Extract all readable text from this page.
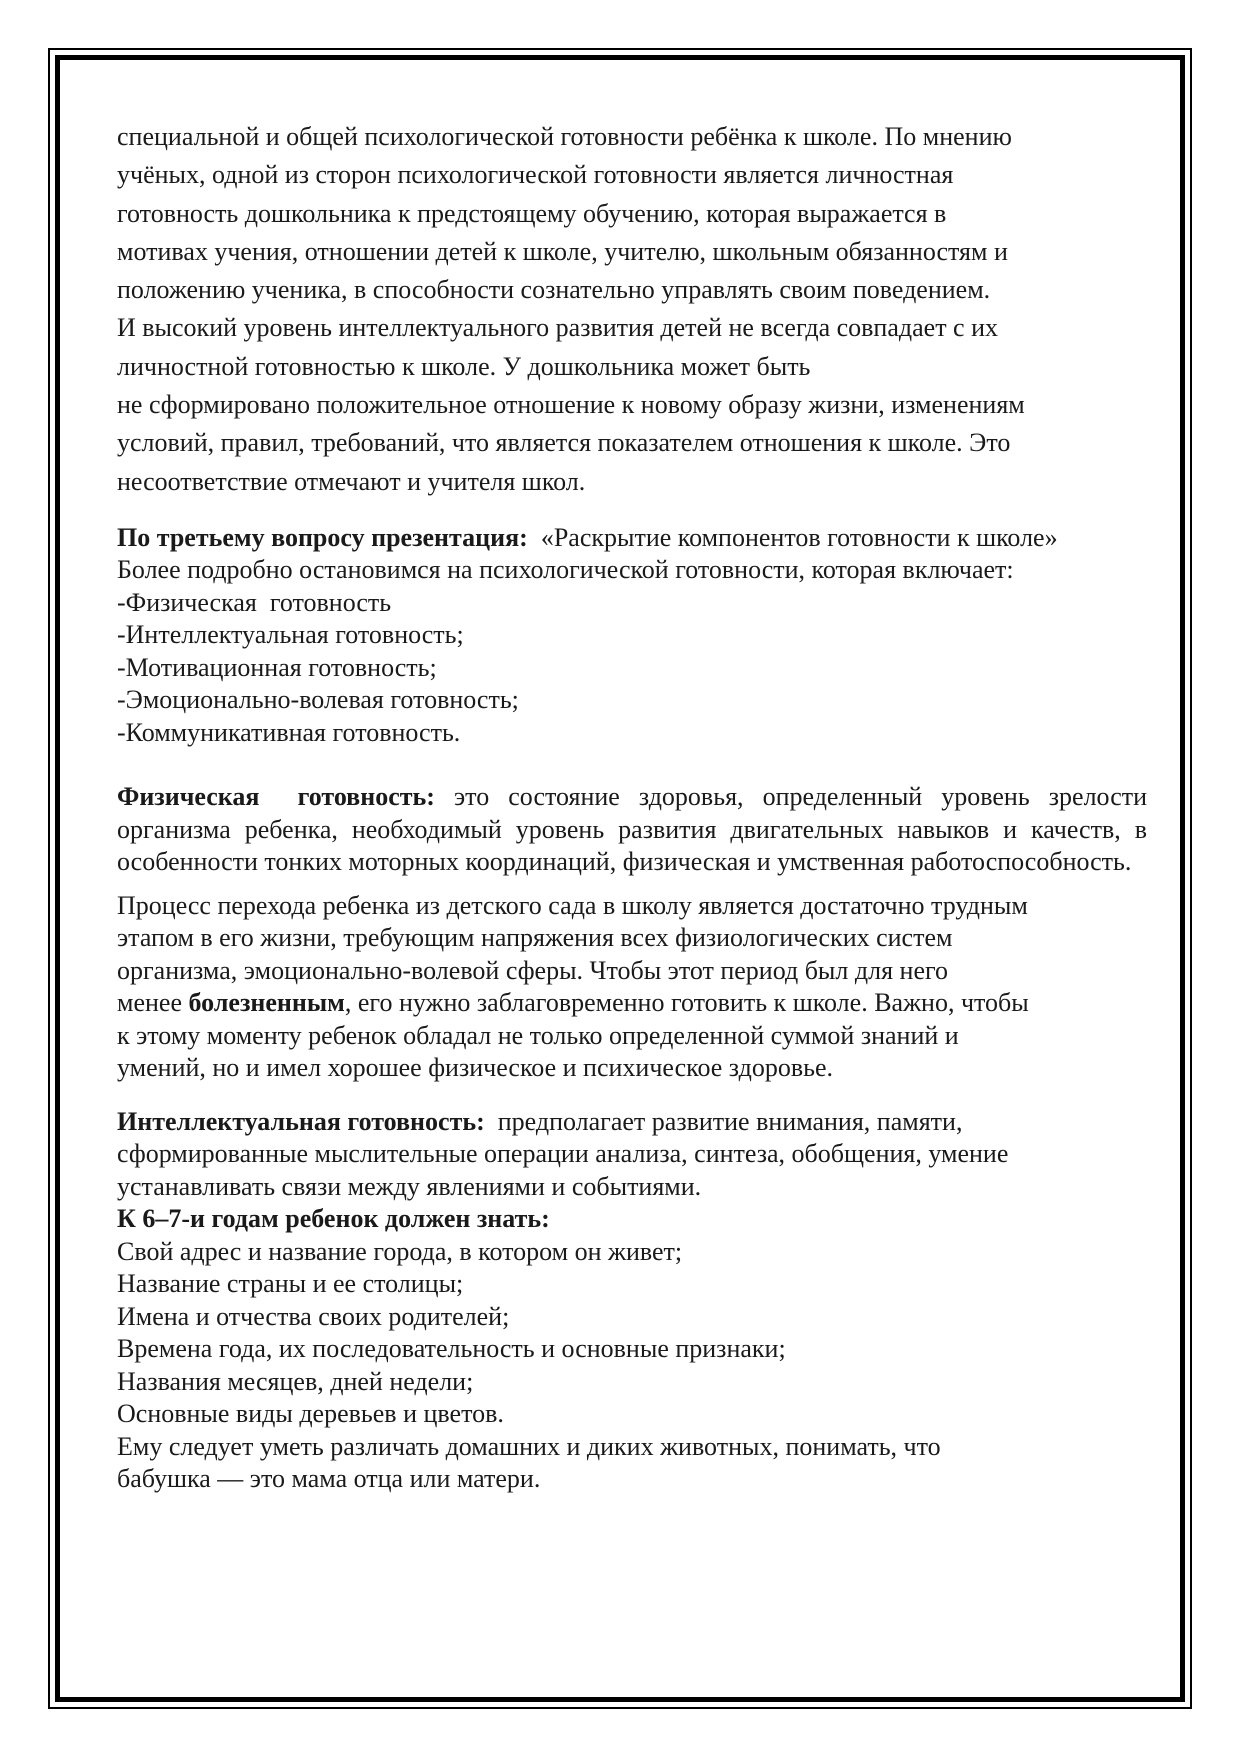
специальной и общей психологической готовности ребёнка к школе. По мнению
учёных, одной из сторон психологической готовности является личностная
готовность дошкольника к предстоящему обучению, которая выражается в
мотивах учения, отношении детей к школе, учителю, школьным обязанностям и
положению ученика, в способности сознательно управлять своим поведением.
И высокий уровень интеллектуального развития детей не всегда совпадает с их
личностной готовностью к школе. У дошкольника может быть
не сформировано положительное отношение к новому образу жизни, изменениям
условий, правил, требований, что является показателем отношения к школе. Это
несоответствие отмечают и учителя школ.
По третьему вопросу презентация: «Раскрытие компонентов готовности к школе»
Более подробно остановимся на психологической готовности, которая включает:
-Физическая  готовность
-Интеллектуальная готовность;
-Мотивационная готовность;
-Эмоционально-волевая готовность;
-Коммуникативная готовность.
Физическая  готовность: это состояние здоровья, определенный уровень зрелости организма ребенка, необходимый уровень развития двигательных навыков и качеств, в особенности тонких моторных координаций, физическая и умственная работоспособность.
Процесс перехода ребенка из детского сада в школу является достаточно трудным
этапом в его жизни, требующим напряжения всех физиологических систем
организма, эмоционально-волевой сферы. Чтобы этот период был для него
менее болезненным, его нужно заблаговременно готовить к школе. Важно, чтобы
к этому моменту ребенок обладал не только определенной суммой знаний и
умений, но и имел хорошее физическое и психическое здоровье.
Интеллектуальная готовность:  предполагает развитие внимания, памяти,
сформированные мыслительные операции анализа, синтеза, обобщения, умение
устанавливать связи между явлениями и событиями.
К 6–7-и годам ребенок должен знать:
Свой адрес и название города, в котором он живет;
Название страны и ее столицы;
Имена и отчества своих родителей;
Времена года, их последовательность и основные признаки;
Названия месяцев, дней недели;
Основные виды деревьев и цветов.
Ему следует уметь различать домашних и диких животных, понимать, что
бабушка — это мама отца или матери.
